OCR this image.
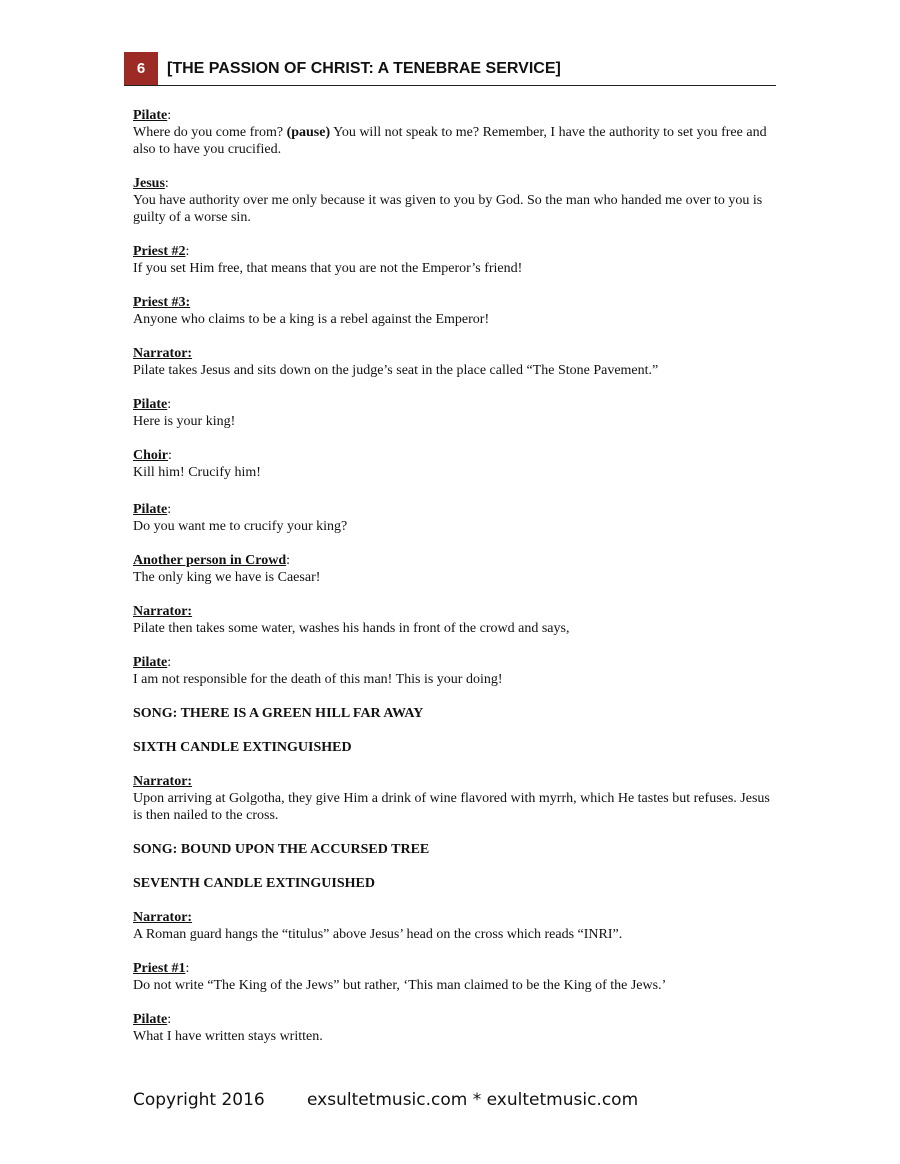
6	[THE PASSION OF CHRIST: A TENEBRAE SERVICE]
Pilate:
Where do you come from? (pause) You will not speak to me? Remember, I have the authority to set you free and also to have you crucified.
Jesus:
You have authority over me only because it was given to you by God. So the man who handed me over to you is guilty of a worse sin.
Priest #2:
If you set Him free, that means that you are not the Emperor’s friend!
Priest #3:
Anyone who claims to be a king is a rebel against the Emperor!
Narrator:
Pilate takes Jesus and sits down on the judge’s seat in the place called “The Stone Pavement.”
Pilate:
Here is your king!
Choir:
Kill him! Crucify him!
Pilate:
Do you want me to crucify your king?
Another person in Crowd:
The only king we have is Caesar!
Narrator:
Pilate then takes some water, washes his hands in front of the crowd and says,
Pilate:
I am not responsible for the death of this man! This is your doing!
SONG: THERE IS A GREEN HILL FAR AWAY
SIXTH CANDLE EXTINGUISHED
Narrator:
Upon arriving at Golgotha, they give Him a drink of wine flavored with myrrh, which He tastes but refuses. Jesus is then nailed to the cross.
SONG: BOUND UPON THE ACCURSED TREE
SEVENTH CANDLE EXTINGUISHED
Narrator:
A Roman guard hangs the “titulus” above Jesus’ head on the cross which reads “INRI”.
Priest #1:
Do not write “The King of the Jews” but rather, ‘This man claimed to be the King of the Jews.’
Pilate:
What I have written stays written.
Copyright 2016 exsultetmusic.com * exultetmusic.com
